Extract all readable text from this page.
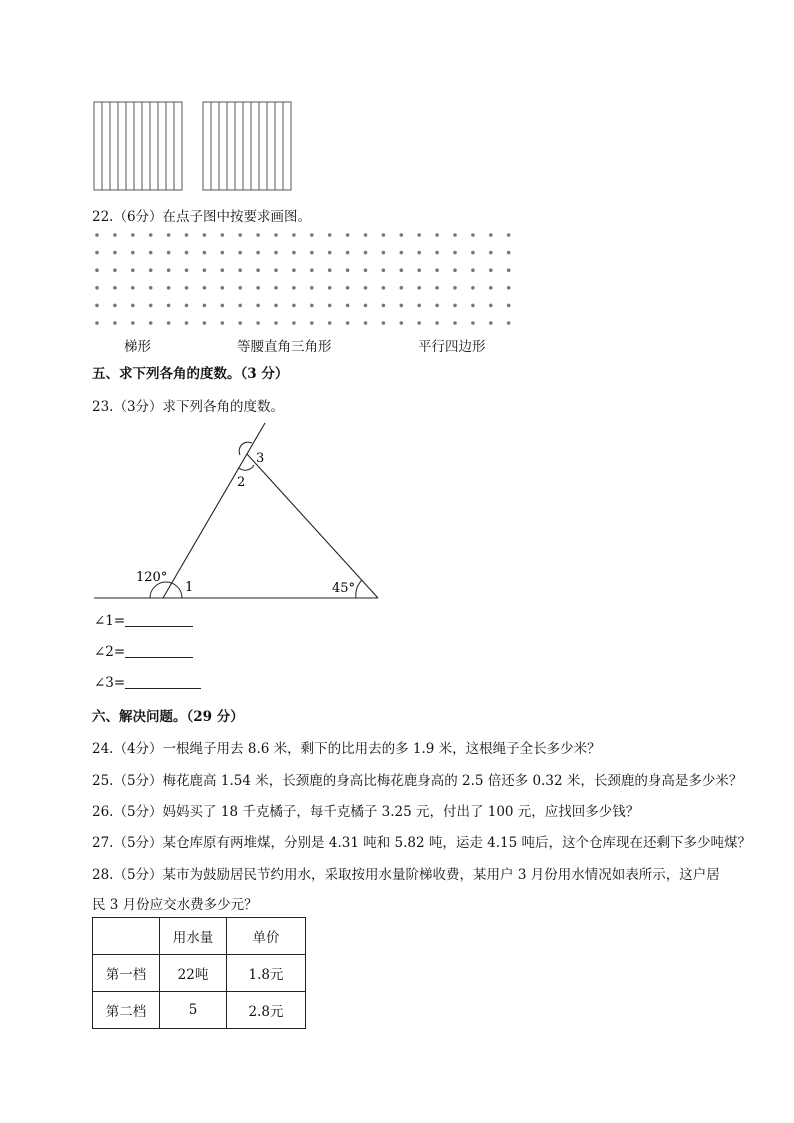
22.（6分）在点子图中按要求画图。
梯形	等腰直角三角形	平行四边形
五、求下列各角的度数。（3 分）
23.（3分）求下列各角的度数。
120°
1	45°
2
3
∠1=
∠2=
∠3=
六、解决问题。（29 分）
24.（4分）一根绳子用去 8.6 米，剩下的比用去的多 1.9 米，这根绳子全长多少米？
25.（5分）梅花鹿高 1.54 米，长颈鹿的身高比梅花鹿身高的 2.5 倍还多 0.32 米，长颈鹿的身高是多少米？
26.（5分）妈妈买了 18 千克橘子，每千克橘子 3.25 元，付出了 100 元，应找回多少钱？
27.（5分）某仓库原有两堆煤，分别是 4.31 吨和 5.82 吨，运走 4.15 吨后，这个仓库现在还剩下多少吨煤？
28.（5分）某市为鼓励居民节约用水，采取按用水量阶梯收费，某用户 3 月份用水情况如表所示，这户居
民 3 月份应交水费多少元？
	用水量	单价
第一档	22吨	1.8元
第二档	5	2.8元
